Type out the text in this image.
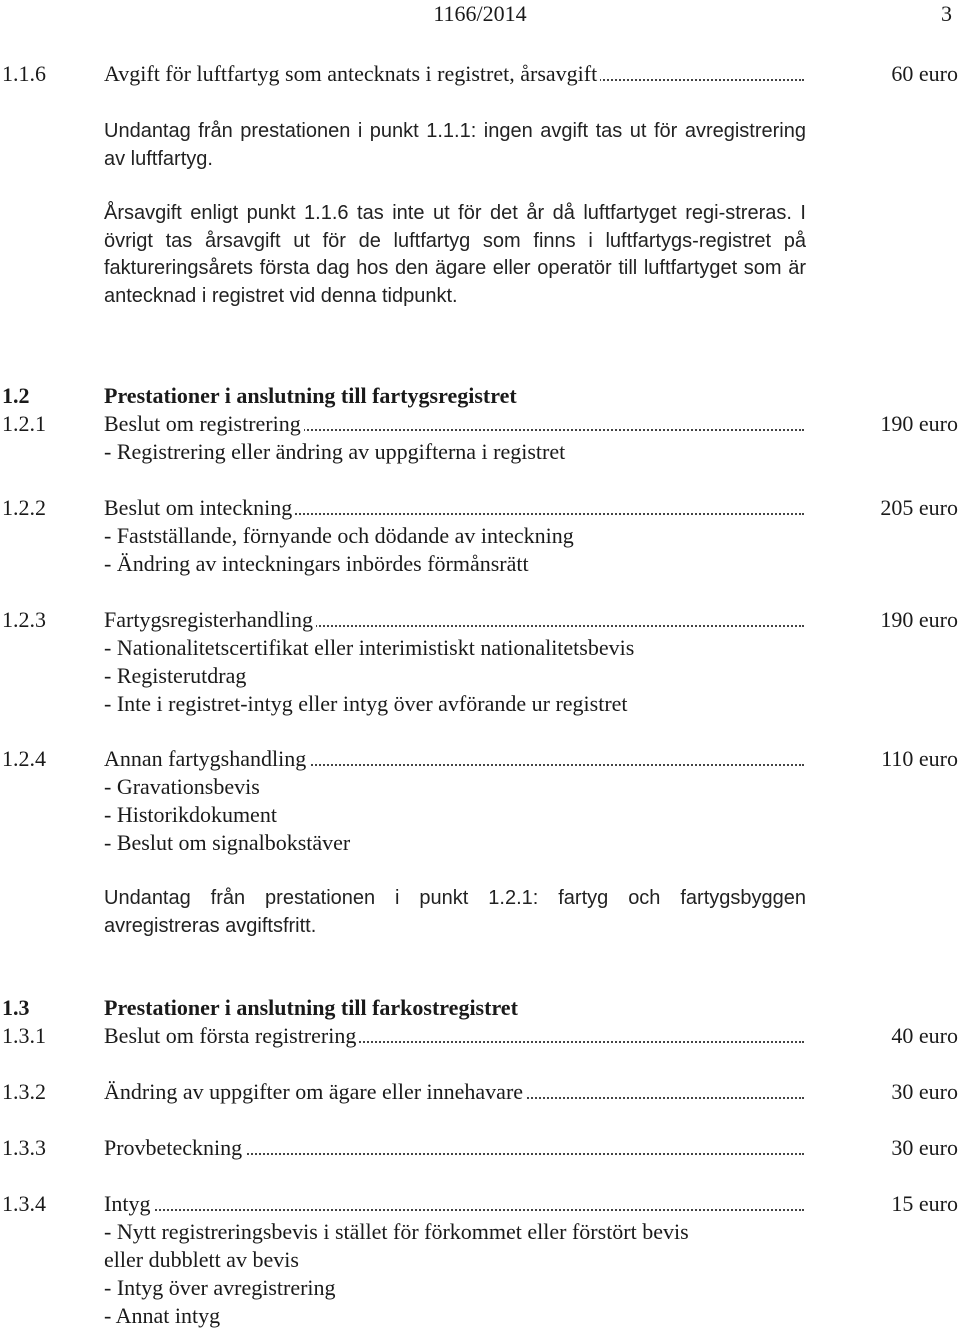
1166/2014	3
1.1.6	Avgift för luftfartyg som antecknats i registret, årsavgift	60 euro
Undantag från prestationen i punkt 1.1.1: ingen avgift tas ut för avregistrering av luftfartyg.
Årsavgift enligt punkt 1.1.6 tas inte ut för det år då luftfartyget regi-streras. I övrigt tas årsavgift ut för de luftfartyg som finns i luftfartygs-registret på faktureringsårets första dag hos den ägare eller operatör till luftfartyget som är antecknad i registret vid denna tidpunkt.
1.2	Prestationer i anslutning till fartygsregistret
1.2.1	Beslut om registrering	190 euro
- Registrering eller ändring av uppgifterna i registret
1.2.2	Beslut om inteckning	205 euro
- Fastställande, förnyande och dödande av inteckning
- Ändring av inteckningars inbördes förmånsrätt
1.2.3	Fartygsregisterhandling	190 euro
- Nationalitetscertifikat eller interimistiskt nationalitetsbevis
- Registerutdrag
- Inte i registret-intyg eller intyg över avförande ur registret
1.2.4	Annan fartygshandling	110 euro
- Gravationsbevis
- Historikdokument
- Beslut om signalbokstäver
Undantag från prestationen i punkt 1.2.1: fartyg och fartygsbyggen avregistreras avgiftsfritt.
1.3	Prestationer i anslutning till farkostregistret
1.3.1	Beslut om första registrering	40 euro
1.3.2	Ändring av uppgifter om ägare eller innehavare	30 euro
1.3.3	Provbeteckning	30 euro
1.3.4	Intyg	15 euro
- Nytt registreringsbevis i stället för förkommet eller förstört bevis
eller dubblett av bevis
- Intyg över avregistrering
- Annat intyg
